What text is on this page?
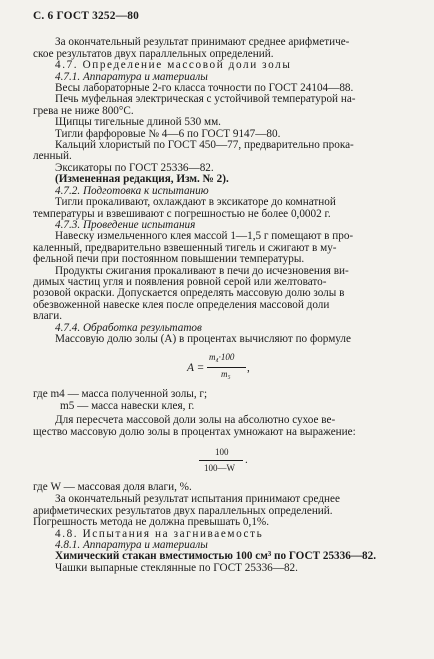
С. 6 ГОСТ 3252—80
За окончательный результат принимают среднее арифметиче-
ское результатов двух параллельных определений.
4.7. Определение массовой доли золы
4.7.1. Аппаратура и материалы
Весы лабораторные 2-го класса точности по ГОСТ 24104—88.
Печь муфельная электрическая с устойчивой температурой на-
грева не ниже 800°С.
Щипцы тигельные длиной 530 мм.
Тигли фарфоровые № 4—6 по ГОСТ 9147—80.
Кальций хлористый по ГОСТ 450—77, предварительно прока-
ленный.
Эксикаторы по ГОСТ 25336—82.
(Измененная редакция, Изм. № 2).
4.7.2. Подготовка к испытанию
Тигли прокаливают, охлаждают в эксикаторе до комнатной
температуры и взвешивают с погрешностью не более 0,0002 г.
4.7.3. Проведение испытания
Навеску измельченного клея массой 1—1,5 г помещают в про-
каленный, предварительно взвешенный тигель и сжигают в му-
фельной печи при постоянном повышении температуры.
Продукты сжигания прокаливают в печи до исчезновения ви-
димых частиц угля и появления ровной серой или желтовато-
розовой окраски. Допускается определять массовую долю золы в
обезвоженной навеске клея после определения массовой доли
влаги.
4.7.4. Обработка результатов
Массовую долю золы (А) в процентах вычисляют по формуле
A =
m₄·100
m₅ ,
где m4 — масса полученной золы, г;
m5 — масса навески клея, г.
Для пересчета массовой доли золы на абсолютно сухое ве-
щество массовую долю золы в процентах умножают на выражение:
100
100—W
.
где W — массовая доля влаги, %.
За окончательный результат испытания принимают среднее
арифметических результатов двух параллельных определений.
Погрешность метода не должна превышать 0,1%.
4.8. Испытания на загниваемость
4.8.1. Аппаратура и материалы
Химический стакан вместимостью 100 см³ по ГОСТ 25336—82.
Чашки выпарные стеклянные по ГОСТ 25336—82.
